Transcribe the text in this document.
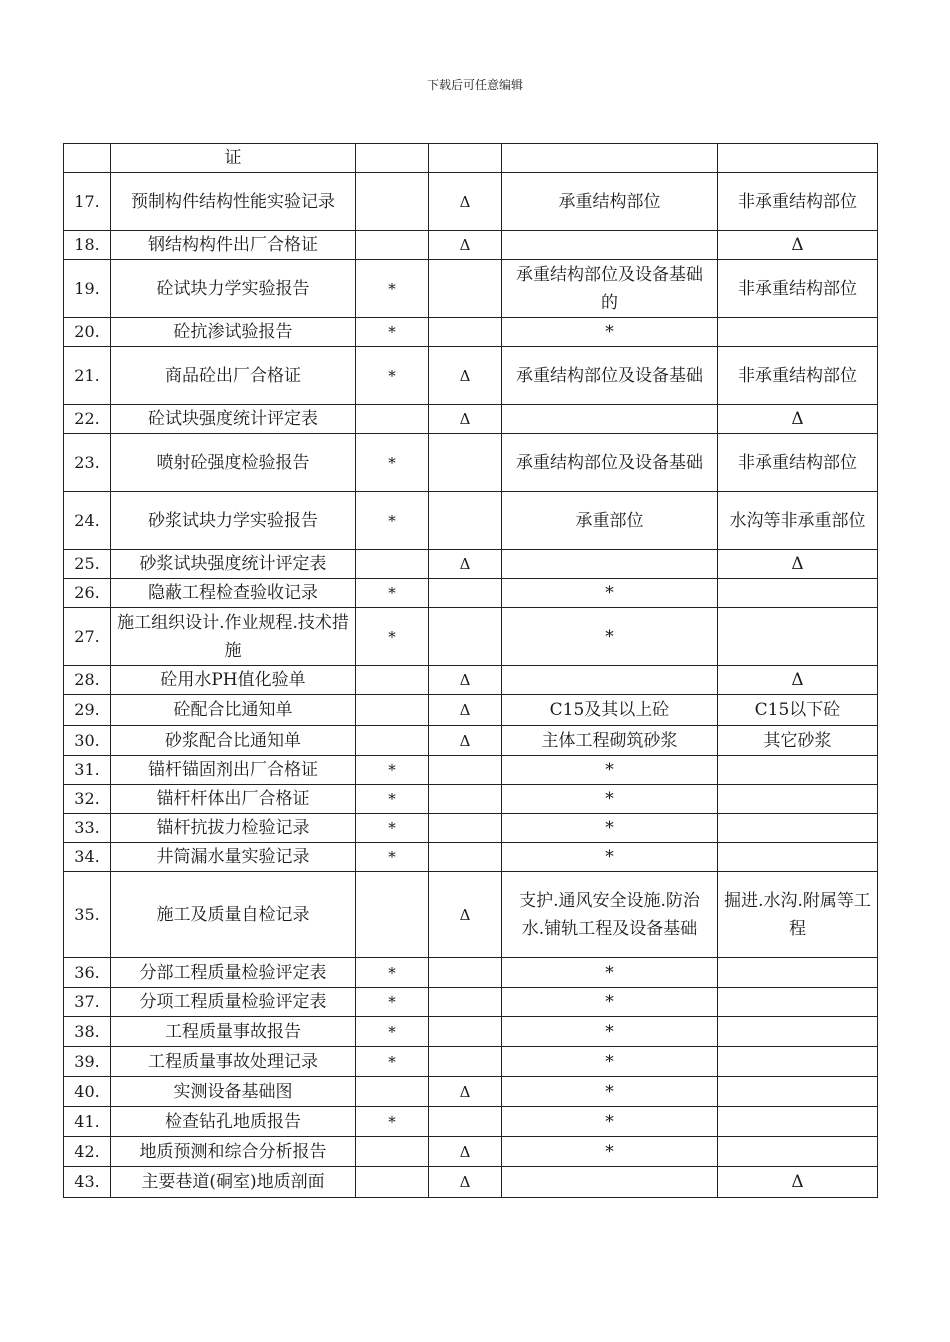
下载后可任意编辑
	证				
17.	预制构件结构性能实验记录		Δ	承重结构部位	非承重结构部位
18.	钢结构构件出厂合格证		Δ		Δ
19.	砼试块力学实验报告	*		承重结构部位及设备基础的	非承重结构部位
20.	砼抗渗试验报告	*		*	
21.	商品砼出厂合格证	*	Δ	承重结构部位及设备基础	非承重结构部位
22.	砼试块强度统计评定表		Δ		Δ
23.	喷射砼强度检验报告	*		承重结构部位及设备基础	非承重结构部位
24.	砂浆试块力学实验报告	*		承重部位	水沟等非承重部位
25.	砂浆试块强度统计评定表		Δ		Δ
26.	隐蔽工程检查验收记录	*		*	
27.	施工组织设计.作业规程.技术措施	*		*	
28.	砼用水PH值化验单		Δ		Δ
29.	砼配合比通知单		Δ	C15及其以上砼	C15以下砼
30.	砂浆配合比通知单		Δ	主体工程砌筑砂浆	其它砂浆
31.	锚杆锚固剂出厂合格证	*		*	
32.	锚杆杆体出厂合格证	*		*	
33.	锚杆抗拔力检验记录	*		*	
34.	井筒漏水量实验记录	*		*	
35.	施工及质量自检记录		Δ	支护.通风安全设施.防治水.铺轨工程及设备基础	掘进.水沟.附属等工程
36.	分部工程质量检验评定表	*		*	
37.	分项工程质量检验评定表	*		*	
38.	工程质量事故报告	*		*	
39.	工程质量事故处理记录	*		*	
40.	实测设备基础图		Δ	*	
41.	检查钻孔地质报告	*		*	
42.	地质预测和综合分析报告		Δ	*	
43.	主要巷道(硐室)地质剖面		Δ		Δ
